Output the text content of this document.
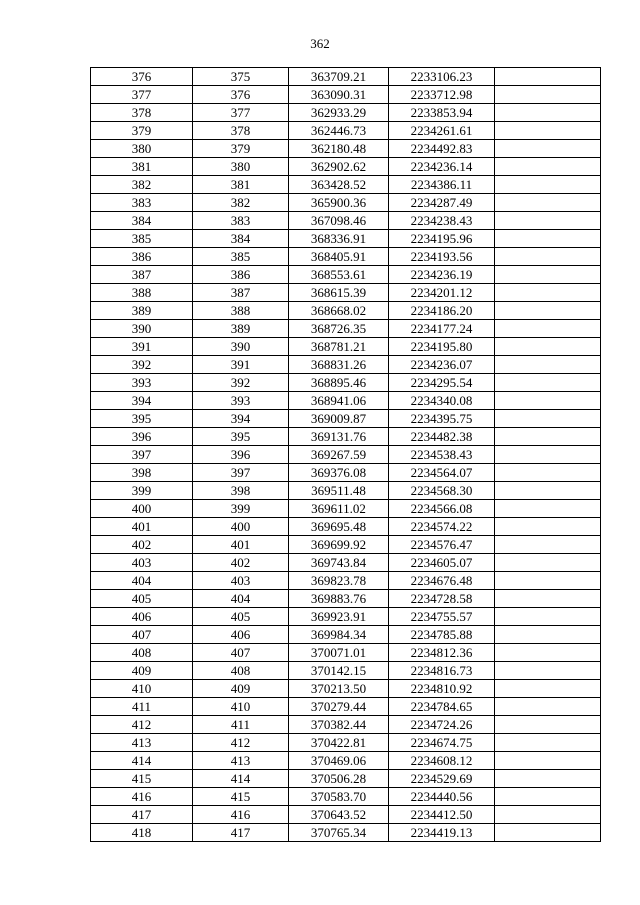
362
376	375	363709.21	2233106.23	
377	376	363090.31	2233712.98	
378	377	362933.29	2233853.94	
379	378	362446.73	2234261.61	
380	379	362180.48	2234492.83	
381	380	362902.62	2234236.14	
382	381	363428.52	2234386.11	
383	382	365900.36	2234287.49	
384	383	367098.46	2234238.43	
385	384	368336.91	2234195.96	
386	385	368405.91	2234193.56	
387	386	368553.61	2234236.19	
388	387	368615.39	2234201.12	
389	388	368668.02	2234186.20	
390	389	368726.35	2234177.24	
391	390	368781.21	2234195.80	
392	391	368831.26	2234236.07	
393	392	368895.46	2234295.54	
394	393	368941.06	2234340.08	
395	394	369009.87	2234395.75	
396	395	369131.76	2234482.38	
397	396	369267.59	2234538.43	
398	397	369376.08	2234564.07	
399	398	369511.48	2234568.30	
400	399	369611.02	2234566.08	
401	400	369695.48	2234574.22	
402	401	369699.92	2234576.47	
403	402	369743.84	2234605.07	
404	403	369823.78	2234676.48	
405	404	369883.76	2234728.58	
406	405	369923.91	2234755.57	
407	406	369984.34	2234785.88	
408	407	370071.01	2234812.36	
409	408	370142.15	2234816.73	
410	409	370213.50	2234810.92	
411	410	370279.44	2234784.65	
412	411	370382.44	2234724.26	
413	412	370422.81	2234674.75	
414	413	370469.06	2234608.12	
415	414	370506.28	2234529.69	
416	415	370583.70	2234440.56	
417	416	370643.52	2234412.50	
418	417	370765.34	2234419.13	
